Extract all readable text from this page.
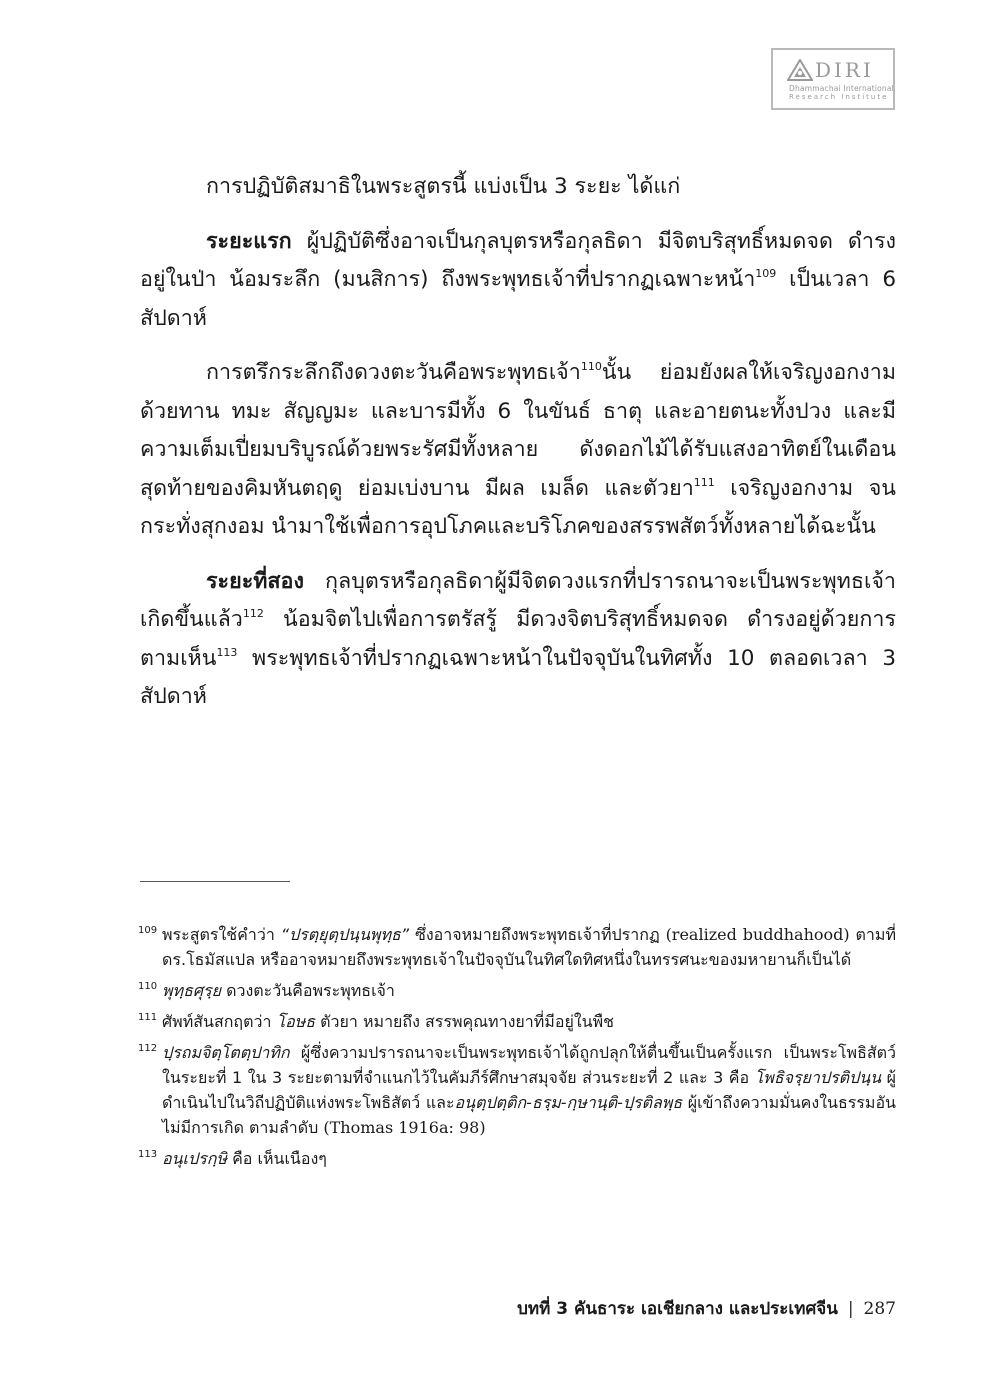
DIRI
Dhammachai International
Research Institute

การปฏิบัติสมาธิในพระสูตรนี้ แบ่งเป็น 3 ระยะ ได้แก่

ระยะแรก ผู้ปฏิบัติซึ่งอาจเป็นกุลบุตรหรือกุลธิดา มีจิตบริสุทธิ์หมดจด ดำรงอยู่ในป่า น้อมระลึก (มนสิการ) ถึงพระพุทธเจ้าที่ปรากฏเฉพาะหน้า$^{109}$ เป็นเวลา 6 สัปดาห์

การตรึกระลึกถึงดวงตะวันคือพระพุทธเจ้า$^{110}$นั้น ย่อมยังผลให้เจริญงอกงามด้วยทาน ทมะ สัญญมะ และบารมีทั้ง 6 ในขันธ์ ธาตุ และอายตนะทั้งปวง และมีความเต็มเปี่ยมบริบูรณ์ด้วยพระรัศมีทั้งหลาย ดังดอกไม้ได้รับแสงอาทิตย์ในเดือนสุดท้ายของคิมหันตฤดู ย่อมเบ่งบาน มีผล เมล็ด และตัวยา$^{111}$ เจริญงอกงาม จนกระทั่งสุกงอม นำมาใช้เพื่อการอุปโภคและบริโภคของสรรพสัตว์ทั้งหลายได้ฉะนั้น

ระยะที่สอง กุลบุตรหรือกุลธิดาผู้มีจิตดวงแรกที่ปรารถนาจะเป็นพระพุทธเจ้าเกิดขึ้นแล้ว$^{112}$ น้อมจิตไปเพื่อการตรัสรู้ มีดวงจิตบริสุทธิ์หมดจด ดำรงอยู่ด้วยการตามเห็น$^{113}$ พระพุทธเจ้าที่ปรากฏเฉพาะหน้าในปัจจุบันในทิศทั้ง 10 ตลอดเวลา 3 สัปดาห์

109 พระสูตรใช้คำว่า “ปรตฺยุตฺปนฺนพุทฺธ” ซึ่งอาจหมายถึงพระพุทธเจ้าที่ปรากฏ (realized buddhahood) ตามที่ ดร.โธมัสแปล หรืออาจหมายถึงพระพุทธเจ้าในปัจจุบันในทิศใดทิศหนึ่งในทรรศนะของมหายานก็เป็นได้

110 พุทฺธศุรฺย ดวงตะวันคือพระพุทธเจ้า

111 ศัพท์สันสกฤตว่า โอษธ ตัวยา หมายถึง สรรพคุณทางยาที่มีอยู่ในพืช

112 ปฺรถมจิตฺโตตฺปาทิก ผู้ซึ่งความปรารถนาจะเป็นพระพุทธเจ้าได้ถูกปลุกให้ตื่นขึ้นเป็นครั้งแรก เป็นพระโพธิสัตว์ในระยะที่ 1 ใน 3 ระยะตามที่จำแนกไว้ในคัมภีร์ศึกษาสมุจจัย ส่วนระยะที่ 2 และ 3 คือ โพธิจรฺยาปรติปนฺน ผู้ดำเนินไปในวิถีปฏิบัติแห่งพระโพธิสัตว์ และอนุตฺปตฺติก-ธรฺม-กฺษานฺติ-ปฺรติลพฺธ ผู้เข้าถึงความมั่นคงในธรรมอันไม่มีการเกิด ตามลำดับ (Thomas 1916a: 98)

113 อนุเปรกฺษิ คือ เห็นเนืองๆ

บทที่ 3 คันธาระ เอเชียกลาง และประเทศจีน | 287
